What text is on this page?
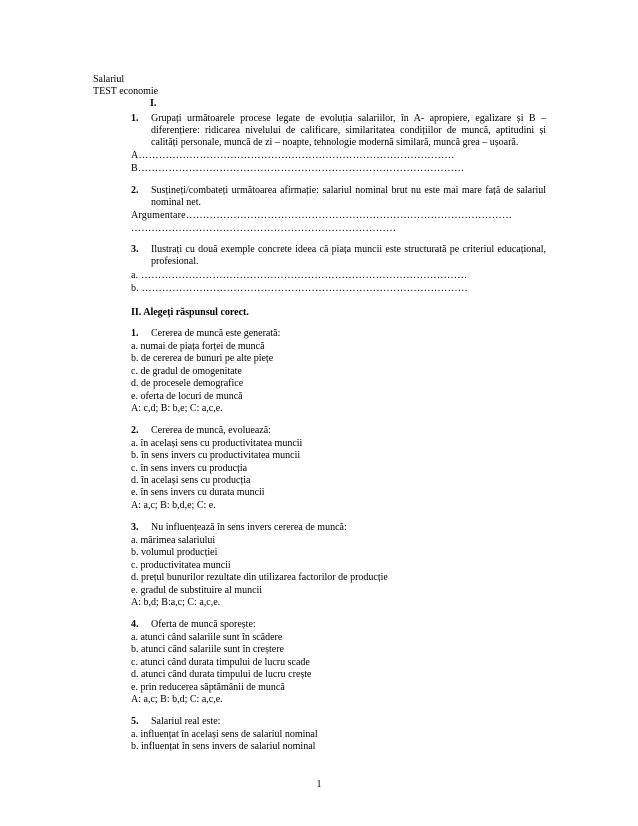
Salariul
TEST economie
I.
1. Grupați următoarele procese legate de evoluția salariilor, în A- apropiere, egalizare și B – diferențiere: ridicarea nivelului de calificare, similaritatea condițiilor de muncă, aptitudini și calități personale, muncă de zi – noapte, tehnologie modernă similară, muncă grea – ușoară.
A…………………………………………………………………………………
B……………………………………………………………………………………
2. Susțineți/combateți următoarea afirmație: salariul nominal brut nu este mai mare față de salariul nominal net.
Argumentare……………………………………………………………………………………
……………………………………………………………………
3. Ilustrați cu două exemple concrete ideea că piața muncii este structurată pe criteriul educațional, profesional.
a. ……………………………………………………………………………………
b. ……………………………………………………………………………………
II. Alegeți răspunsul corect.
1. Cererea de muncă este generată:
a. numai de piața forței de muncă
b. de cererea de bunuri pe alte piețe
c. de gradul de omogenitate
d. de procesele demografice
e. oferta de locuri de muncă
A: c,d; B: b,e; C: a,c,e.
2. Cererea de muncă, evoluează:
a. în același sens cu productivitatea muncii
b. în sens invers cu productivitatea muncii
c. în sens invers cu producția
d. în același sens cu producția
e. în sens invers cu durata muncii
A: a,c; B: b,d,e; C: e.
3. Nu influențează în sens invers cererea de muncă:
a. mărimea salariului
b. volumul producției
c. productivitatea muncii
d. prețul bunurilor rezultate din utilizarea factorilor de producție
e. gradul de substituire al muncii
A: b,d; B:a,c; C: a,c,e.
4. Oferta de muncă sporește:
a. atunci când salariile sunt în scădere
b. atunci când salariile sunt în creștere
c. atunci când durata timpului de lucru scade
d. atunci când durata timpului de lucru crește
e. prin reducerea săptămânii de muncă
A: a,c; B: b,d; C: a,c,e.
5. Salariul real este:
a. influențat în același sens de salariul nominal
b. influențat în sens invers de salariul nominal
1
